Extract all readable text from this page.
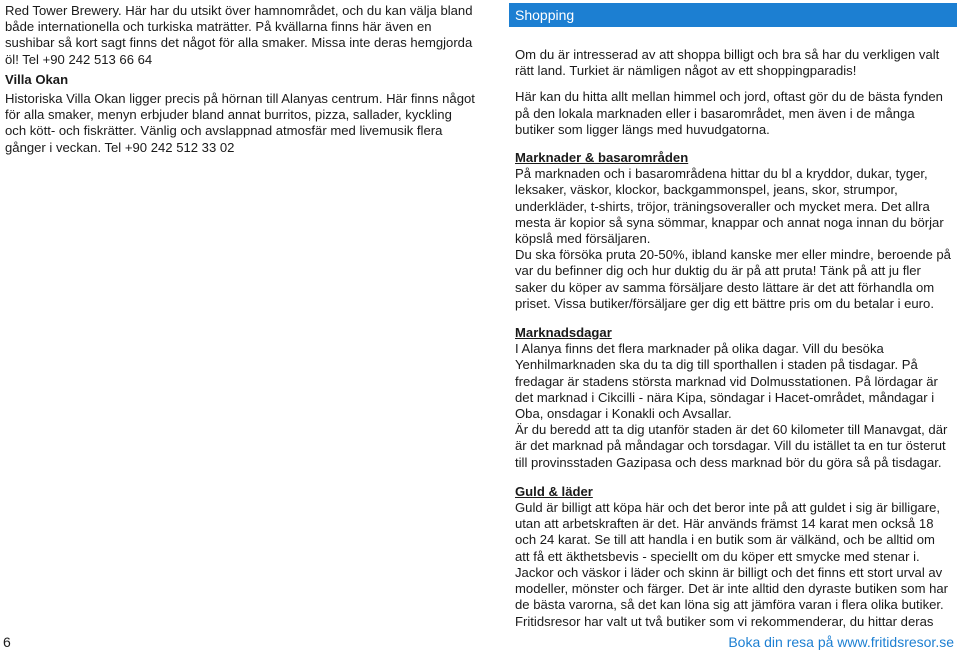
Red Tower Brewery. Här har du utsikt över hamnområdet, och du kan välja bland både internationella och turkiska maträtter. På kvällarna finns här även en sushibar så kort sagt finns det något för alla smaker. Missa inte deras hemgjorda öl! Tel +90 242 513 66 64

Villa Okan

Historiska Villa Okan ligger precis på hörnan till Alanyas centrum. Här finns något för alla smaker, menyn erbjuder bland annat burritos, pizza, sallader, kyckling och kött- och fiskrätter. Vänlig och avslappnad atmosfär med livemusik flera gånger i veckan. Tel +90 242 512 33 02

Shopping

Om du är intresserad av att shoppa billigt och bra så har du verkligen valt rätt land. Turkiet är nämligen något av ett shoppingparadis!

Här kan du hitta allt mellan himmel och jord, oftast gör du de bästa fynden på den lokala marknaden eller i basarområdet, men även i de många butiker som ligger längs med huvudgatorna.

Marknader & basarområden

På marknaden och i basarområdena hittar du bl a kryddor, dukar, tyger, leksaker, väskor, klockor, backgammonspel, jeans, skor, strumpor, underkläder, t-shirts, tröjor, träningsoveraller och mycket mera. Det allra mesta är kopior så syna sömmar, knappar och annat noga innan du börjar köpslå med försäljaren.

Du ska försöka pruta 20-50%, ibland kanske mer eller mindre, beroende på var du befinner dig och hur duktig du är på att pruta! Tänk på att ju fler saker du köper av samma försäljare desto lättare är det att förhandla om priset. Vissa butiker/försäljare ger dig ett bättre pris om du betalar i euro.

Marknadsdagar

I Alanya finns det flera marknader på olika dagar. Vill du besöka Yenhilmarknaden ska du ta dig till sporthallen i staden på tisdagar. På fredagar är stadens största marknad vid Dolmusstationen. På lördagar är det marknad i Cikcilli - nära Kipa, söndagar i Hacet-området, måndagar i Oba, onsdagar i Konakli och Avsallar.

Är du beredd att ta dig utanför staden är det 60 kilometer till Manavgat, där är det marknad på måndagar och torsdagar. Vill du istället ta en tur österut till provinsstaden Gazipasa och dess marknad bör du göra så på tisdagar.

Guld & läder

Guld är billigt att köpa här och det beror inte på att guldet i sig är billigare, utan att arbetskraften är det. Här används främst 14 karat men också 18 och 24 karat. Se till att handla i en butik som är välkänd, och be alltid om att få ett äkthetsbevis - speciellt om du köper ett smycke med stenar i.

Jackor och väskor i läder och skinn är billigt och det finns ett stort urval av modeller, mönster och färger. Det är inte alltid den dyraste butiken som har de bästa varorna, så det kan löna sig att jämföra varan i flera olika butiker. Fritidsresor har valt ut två butiker som vi rekommenderar, du hittar deras

6	Boka din resa på www.fritidsresor.se
